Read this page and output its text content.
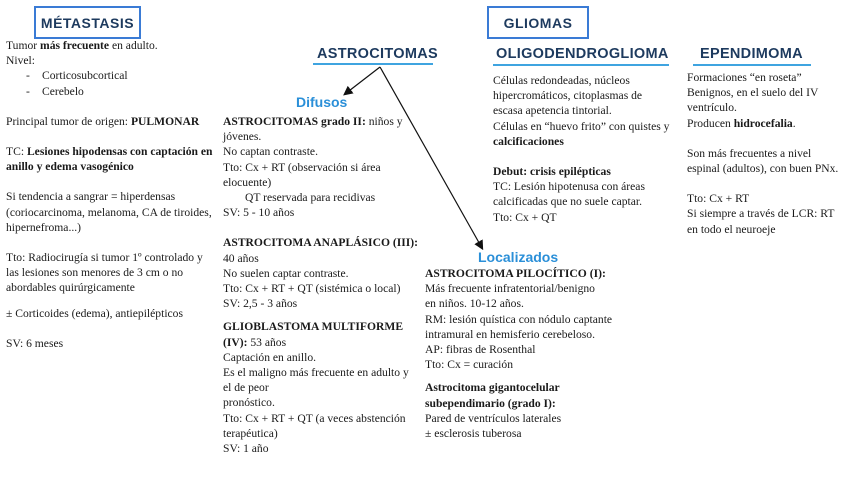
MÉTASTASIS	GLIOMAS
ASTROCITOMAS	OLIGODENDROGLIOMA EPENDIMOMA
Difusos
Localizados

Tumor más frecuente en adulto.

Nivel:

- Corticosubcortical

- Cerebelo

Principal tumor de origen: PULMONAR

TC: Lesiones hipodensas con captación en anillo y edema vasogénico

Si tendencia a sangrar = hiperdensas (coriocarcinoma, melanoma, CA de tiroides, hipernefroma...)

Tto: Radiocirugía si tumor 1º controlado y las lesiones son menores de 3 cm o no abordables quirúrgicamente

± Corticoides (edema), antiepilépticos

SV: 6 meses

ASTROCITOMAS grado II: niños y jóvenes.

No captan contraste.

Tto: Cx + RT (observación si área elocuente)

QT reservada para recidivas

SV: 5 - 10 años

ASTROCITOMA ANAPLÁSICO (III):

40 años

No suelen captar contraste.

Tto: Cx + RT + QT (sistémica o local)

SV: 2,5 - 3 años

GLIOBLASTOMA MULTIFORME (IV): 53 años

Captación en anillo.

Es el maligno más frecuente en adulto y el de peor

pronóstico.

Tto: Cx + RT + QT (a veces abstención terapéutica)

SV: 1 año

ASTROCITOMA PILOCÍTICO (I):

Más frecuente infratentorial/benigno

en niños. 10-12 años.

RM: lesión quística con nódulo captante

intramural en hemisferio cerebeloso.

AP: fibras de Rosenthal

Tto: Cx = curación

Astrocitoma gigantocelular subependimario (grado I):

Pared de ventrículos laterales

± esclerosis tuberosa

Células redondeadas, núcleos hipercromáticos, citoplasmas de escasa apetencia tintorial.

Células en “huevo frito” con quistes y calcificaciones

Debut: crisis epilépticas

TC: Lesión hipotenusa con áreas calcificadas que no suele captar.

Tto: Cx + QT

Formaciones “en roseta”

Benignos, en el suelo del IV ventrículo.

Producen hidrocefalia.

Son más frecuentes a nivel espinal (adultos), con buen PNx.

Tto: Cx + RT

Si siempre a través de LCR: RT en todo el neuroeje
